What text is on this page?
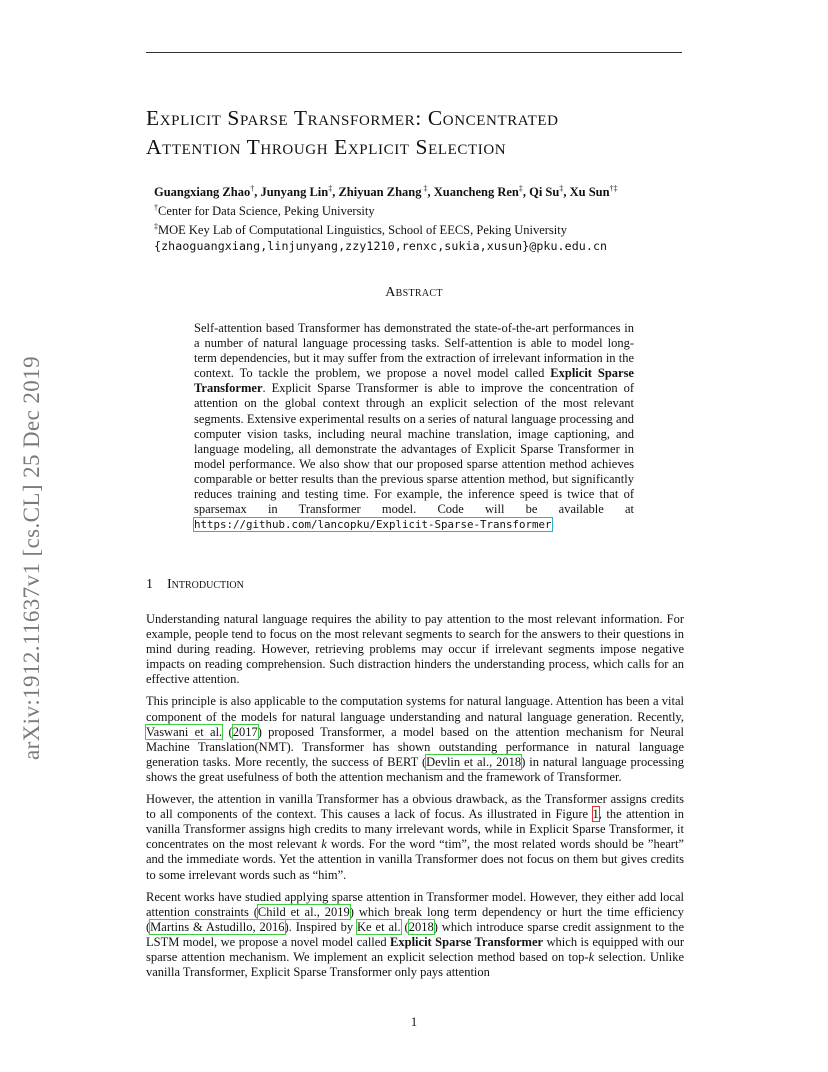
arXiv:1912.11637v1 [cs.CL] 25 Dec 2019
Explicit Sparse Transformer: Concentrated
Attention Through Explicit Selection
Guangxiang Zhao†, Junyang Lin‡, Zhiyuan Zhang ‡, Xuancheng Ren‡, Qi Su‡, Xu Sun†‡
†Center for Data Science, Peking University
‡MOE Key Lab of Computational Linguistics, School of EECS, Peking University
{zhaoguangxiang,linjunyang,zzy1210,renxc,sukia,xusun}@pku.edu.cn
Abstract
Self-attention based Transformer has demonstrated the state-of-the-art performances in a number of natural language processing tasks. Self-attention is able to model long-term dependencies, but it may suffer from the extraction of irrelevant information in the context. To tackle the problem, we propose a novel model called Explicit Sparse Transformer. Explicit Sparse Transformer is able to improve the concentration of attention on the global context through an explicit selection of the most relevant segments. Extensive experimental results on a series of natural language processing and computer vision tasks, including neural machine translation, image captioning, and language modeling, all demonstrate the advantages of Explicit Sparse Transformer in model performance. We also show that our proposed sparse attention method achieves comparable or better results than the previous sparse attention method, but significantly reduces training and testing time. For example, the inference speed is twice that of sparsemax in Transformer model. Code will be available at https://github.com/lancopku/Explicit-Sparse-Transformer
1 Introduction

Understanding natural language requires the ability to pay attention to the most relevant information. For example, people tend to focus on the most relevant segments to search for the answers to their questions in mind during reading. However, retrieving problems may occur if irrelevant segments impose negative impacts on reading comprehension. Such distraction hinders the understanding process, which calls for an effective attention.

This principle is also applicable to the computation systems for natural language. Attention has been a vital component of the models for natural language understanding and natural language generation. Recently, Vaswani et al. (2017) proposed Transformer, a model based on the attention mechanism for Neural Machine Translation(NMT). Transformer has shown outstanding performance in natural language generation tasks. More recently, the success of BERT (Devlin et al., 2018) in natural language processing shows the great usefulness of both the attention mechanism and the framework of Transformer.

However, the attention in vanilla Transformer has a obvious drawback, as the Transformer assigns credits to all components of the context. This causes a lack of focus. As illustrated in Figure 1, the attention in vanilla Transformer assigns high credits to many irrelevant words, while in Explicit Sparse Transformer, it concentrates on the most relevant k words. For the word “tim”, the most related words should be ”heart” and the immediate words. Yet the attention in vanilla Transformer does not focus on them but gives credits to some irrelevant words such as “him”.

Recent works have studied applying sparse attention in Transformer model. However, they either add local attention constraints (Child et al., 2019) which break long term dependency or hurt the time efficiency (Martins & Astudillo, 2016). Inspired by Ke et al. (2018) which introduce sparse credit assignment to the LSTM model, we propose a novel model called Explicit Sparse Transformer which is equipped with our sparse attention mechanism. We implement an explicit selection method based on top-k selection. Unlike vanilla Transformer, Explicit Sparse Transformer only pays attention

1
